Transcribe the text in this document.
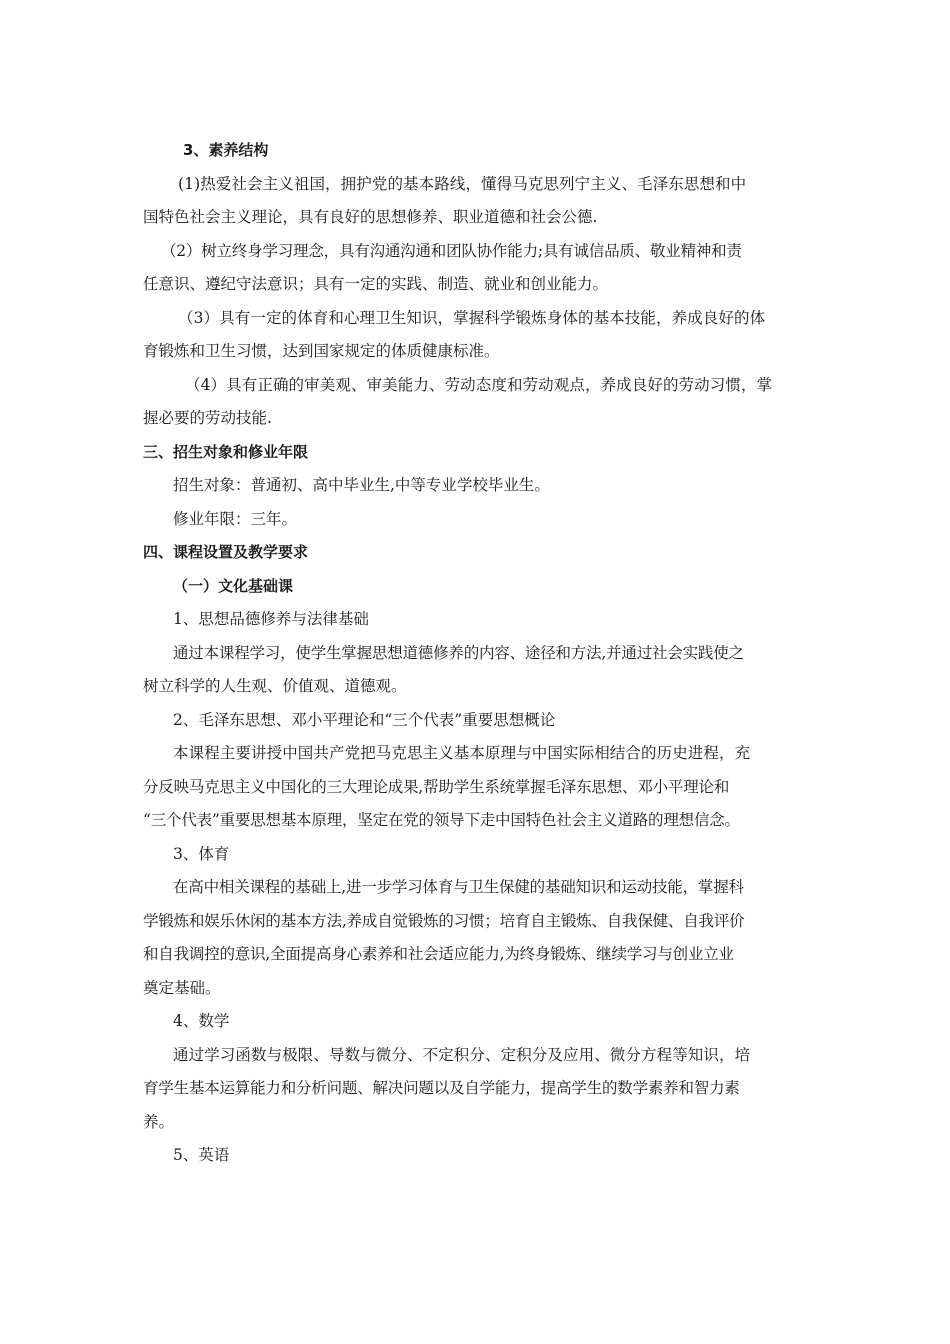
3、素养结构
(1)热爱社会主义祖国，拥护党的基本路线，懂得马克思列宁主义、毛泽东思想和中
国特色社会主义理论，具有良好的思想修养、职业道德和社会公德.
（2）树立终身学习理念，具有沟通沟通和团队协作能力;具有诚信品质、敬业精神和责
任意识、遵纪守法意识；具有一定的实践、制造、就业和创业能力。
（3）具有一定的体育和心理卫生知识，掌握科学锻炼身体的基本技能，养成良好的体
育锻炼和卫生习惯，达到国家规定的体质健康标准。
（4）具有正确的审美观、审美能力、劳动态度和劳动观点，养成良好的劳动习惯，掌
握必要的劳动技能.
三、招生对象和修业年限
招生对象：普通初、高中毕业生,中等专业学校毕业生。
修业年限：三年。
四、课程设置及教学要求
（一）文化基础课
1、思想品德修养与法律基础
通过本课程学习，使学生掌握思想道德修养的内容、途径和方法,并通过社会实践使之
树立科学的人生观、价值观、道德观。
2、毛泽东思想、邓小平理论和“三个代表”重要思想概论
本课程主要讲授中国共产党把马克思主义基本原理与中国实际相结合的历史进程，充
分反映马克思主义中国化的三大理论成果,帮助学生系统掌握毛泽东思想、邓小平理论和
“三个代表”重要思想基本原理，坚定在党的领导下走中国特色社会主义道路的理想信念。
3、体育
在高中相关课程的基础上,进一步学习体育与卫生保健的基础知识和运动技能，掌握科
学锻炼和娱乐休闲的基本方法,养成自觉锻炼的习惯；培育自主锻炼、自我保健、自我评价
和自我调控的意识,全面提高身心素养和社会适应能力,为终身锻炼、继续学习与创业立业
奠定基础。
4、数学
通过学习函数与极限、导数与微分、不定积分、定积分及应用、微分方程等知识，培
育学生基本运算能力和分析问题、解决问题以及自学能力，提高学生的数学素养和智力素
养。
5、英语
